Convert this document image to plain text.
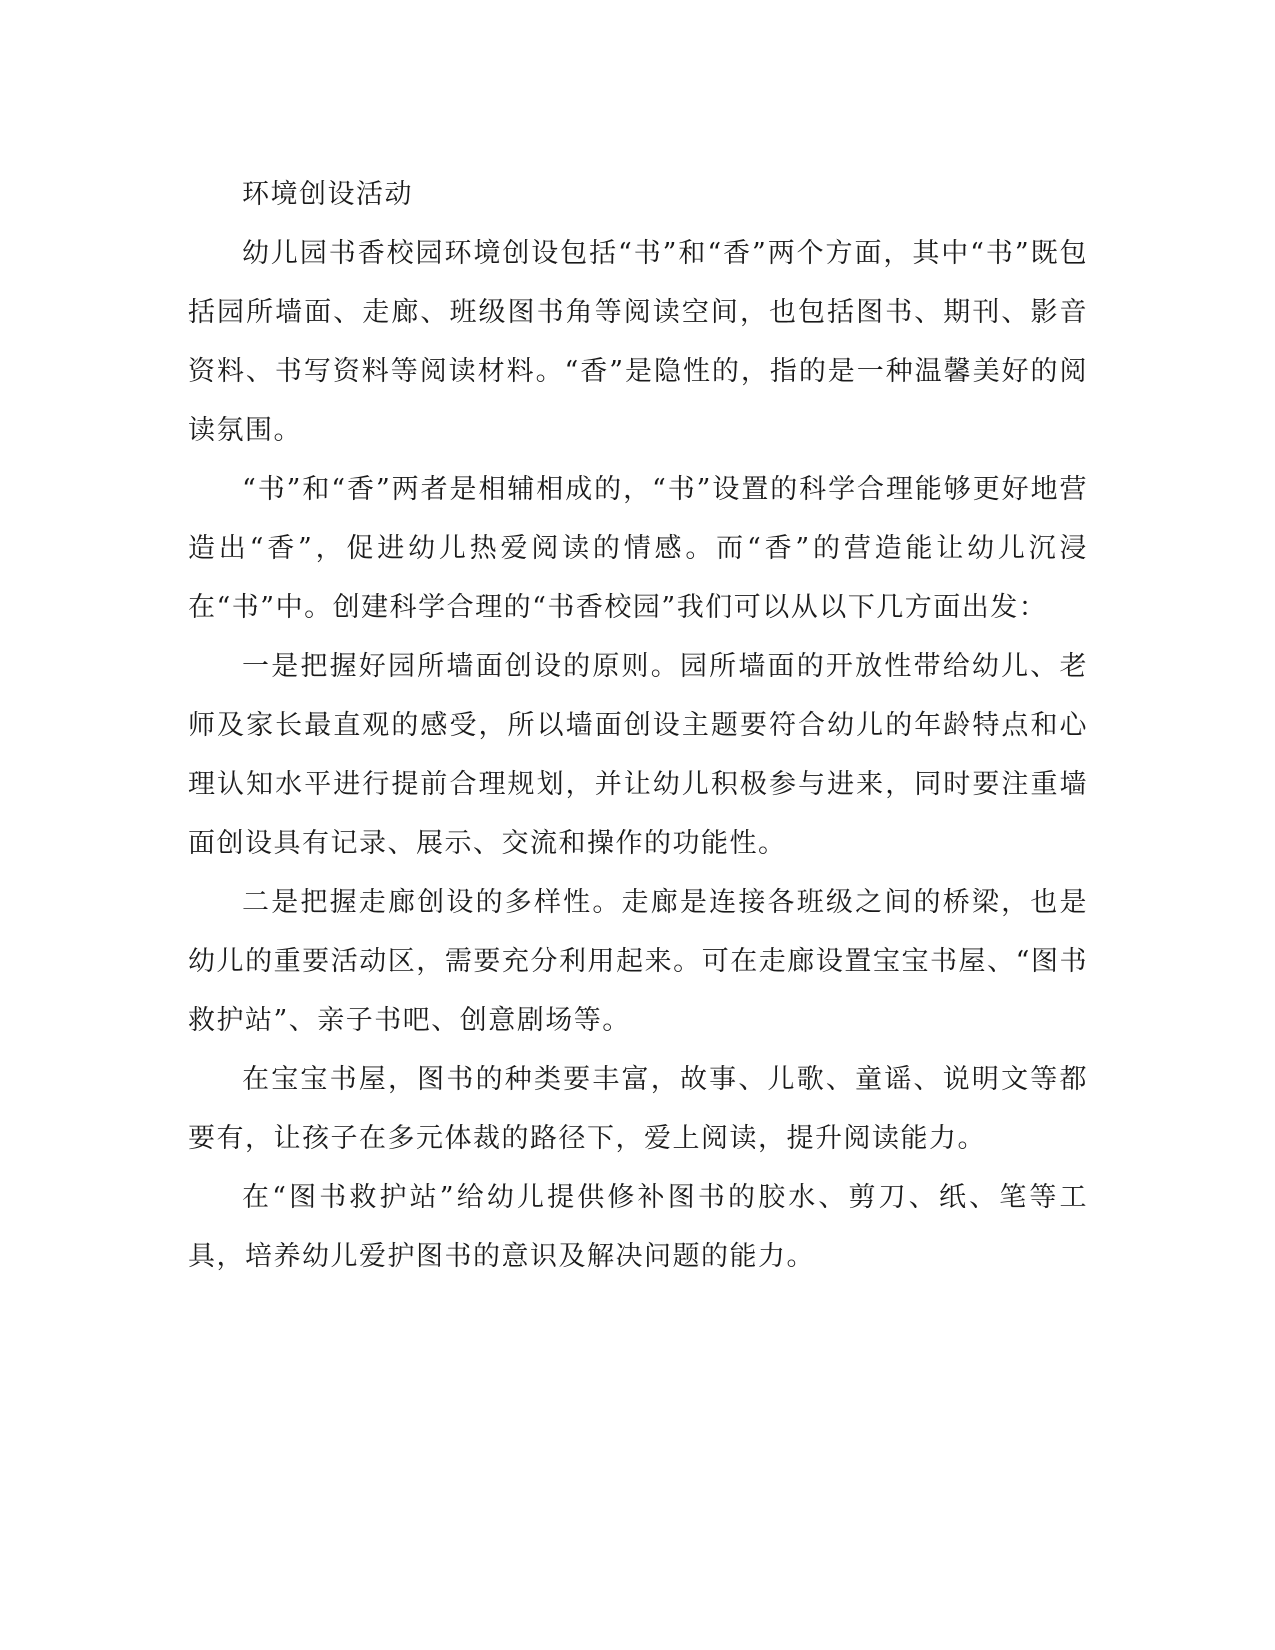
环境创设活动

幼儿园书香校园环境创设包括“书”和“香”两个方面，其中“书”既包括园所墙面、走廊、班级图书角等阅读空间，也包括图书、期刊、影音资料、书写资料等阅读材料。“香”是隐性的，指的是一种温馨美好的阅读氛围。

“书”和“香”两者是相辅相成的，“书”设置的科学合理能够更好地营造出“香”，促进幼儿热爱阅读的情感。而“香”的营造能让幼儿沉浸在“书”中。创建科学合理的“书香校园”我们可以从以下几方面出发：

一是把握好园所墙面创设的原则。园所墙面的开放性带给幼儿、老师及家长最直观的感受，所以墙面创设主题要符合幼儿的年龄特点和心理认知水平进行提前合理规划，并让幼儿积极参与进来，同时要注重墙面创设具有记录、展示、交流和操作的功能性。

二是把握走廊创设的多样性。走廊是连接各班级之间的桥梁，也是幼儿的重要活动区，需要充分利用起来。可在走廊设置宝宝书屋、“图书救护站”、亲子书吧、创意剧场等。

在宝宝书屋，图书的种类要丰富，故事、儿歌、童谣、说明文等都要有，让孩子在多元体裁的路径下，爱上阅读，提升阅读能力。

在“图书救护站”给幼儿提供修补图书的胶水、剪刀、纸、笔等工具，培养幼儿爱护图书的意识及解决问题的能力。
